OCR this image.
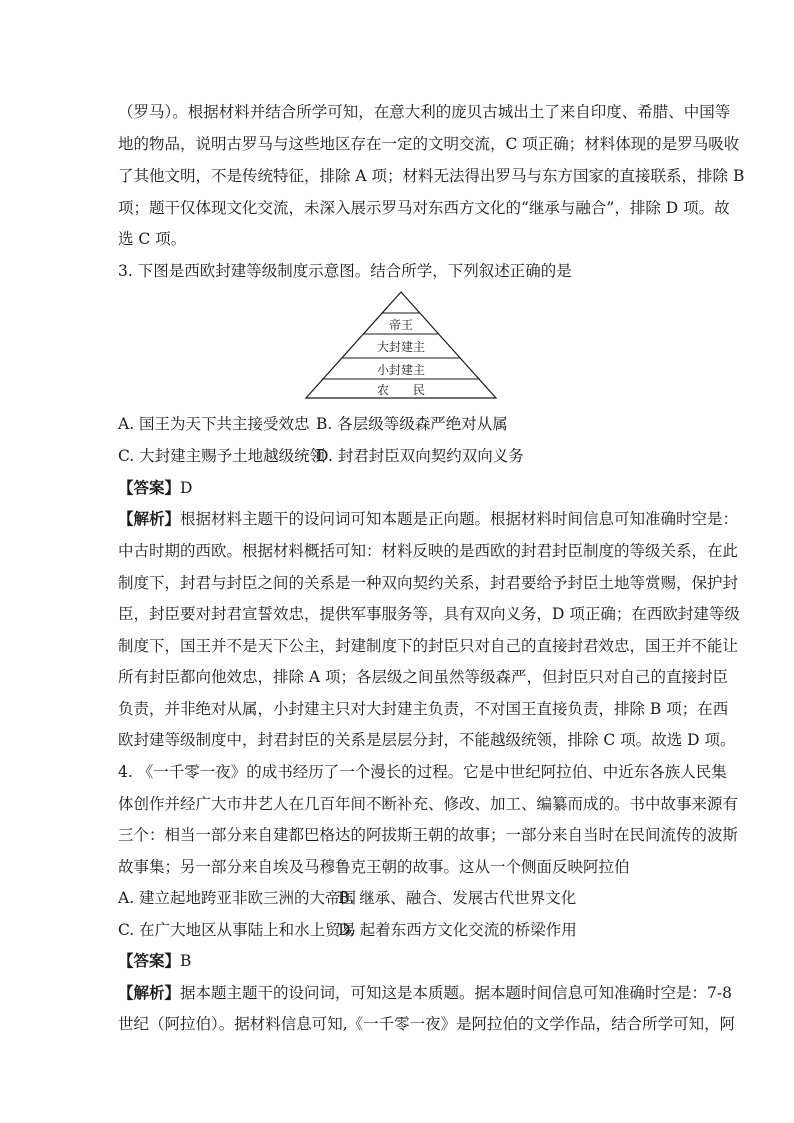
（罗马）。根据材料并结合所学可知，在意大利的庞贝古城出土了来自印度、希腊、中国等
地的物品，说明古罗马与这些地区存在一定的文明交流，C 项正确；材料体现的是罗马吸收
了其他文明，不是传统特征，排除 A 项；材料无法得出罗马与东方国家的直接联系，排除 B
项；题干仅体现文化交流，未深入展示罗马对东西方文化的“继承与融合”，排除 D 项。故
选 C 项。
3. 下图是西欧封建等级制度示意图。结合所学，下列叙述正确的是
帝王
大封建主
小封建主
农　　民
A. 国王为天下共主接受效忠 B. 各层级等级森严绝对从属
C. 大封建主赐予土地越级统领
D. 封君封臣双向契约双向义务
【答案】D
【解析】根据材料主题干的设问词可知本题是正向题。根据材料时间信息可知准确时空是：
中古时期的西欧。根据材料概括可知：材料反映的是西欧的封君封臣制度的等级关系，在此
制度下，封君与封臣之间的关系是一种双向契约关系，封君要给予封臣土地等赏赐，保护封
臣，封臣要对封君宣誓效忠，提供军事服务等，具有双向义务，D 项正确；在西欧封建等级
制度下，国王并不是天下公主，封建制度下的封臣只对自己的直接封君效忠，国王并不能让
所有封臣都向他效忠，排除 A 项；各层级之间虽然等级森严，但封臣只对自己的直接封臣
负责，并非绝对从属，小封建主只对大封建主负责，不对国王直接负责，排除 B 项；在西
欧封建等级制度中，封君封臣的关系是层层分封，不能越级统领，排除 C 项。故选 D 项。
4. 《一千零一夜》的成书经历了一个漫长的过程。它是中世纪阿拉伯、中近东各族人民集
体创作并经广大市井艺人在几百年间不断补充、修改、加工、编纂而成的。书中故事来源有
三个：相当一部分来自建都巴格达的阿拔斯王朝的故事；一部分来自当时在民间流传的波斯
故事集；另一部分来自埃及马穆鲁克王朝的故事。这从一个侧面反映阿拉伯
A. 建立起地跨亚非欧三洲的大帝国
B. 继承、融合、发展古代世界文化
C. 在广大地区从事陆上和水上贸易
D. 起着东西方文化交流的桥梁作用
【答案】B
【解析】据本题主题干的设问词，可知这是本质题。据本题时间信息可知准确时空是：7-8
世纪（阿拉伯）。据材料信息可知,《一千零一夜》是阿拉伯的文学作品，结合所学可知，阿
